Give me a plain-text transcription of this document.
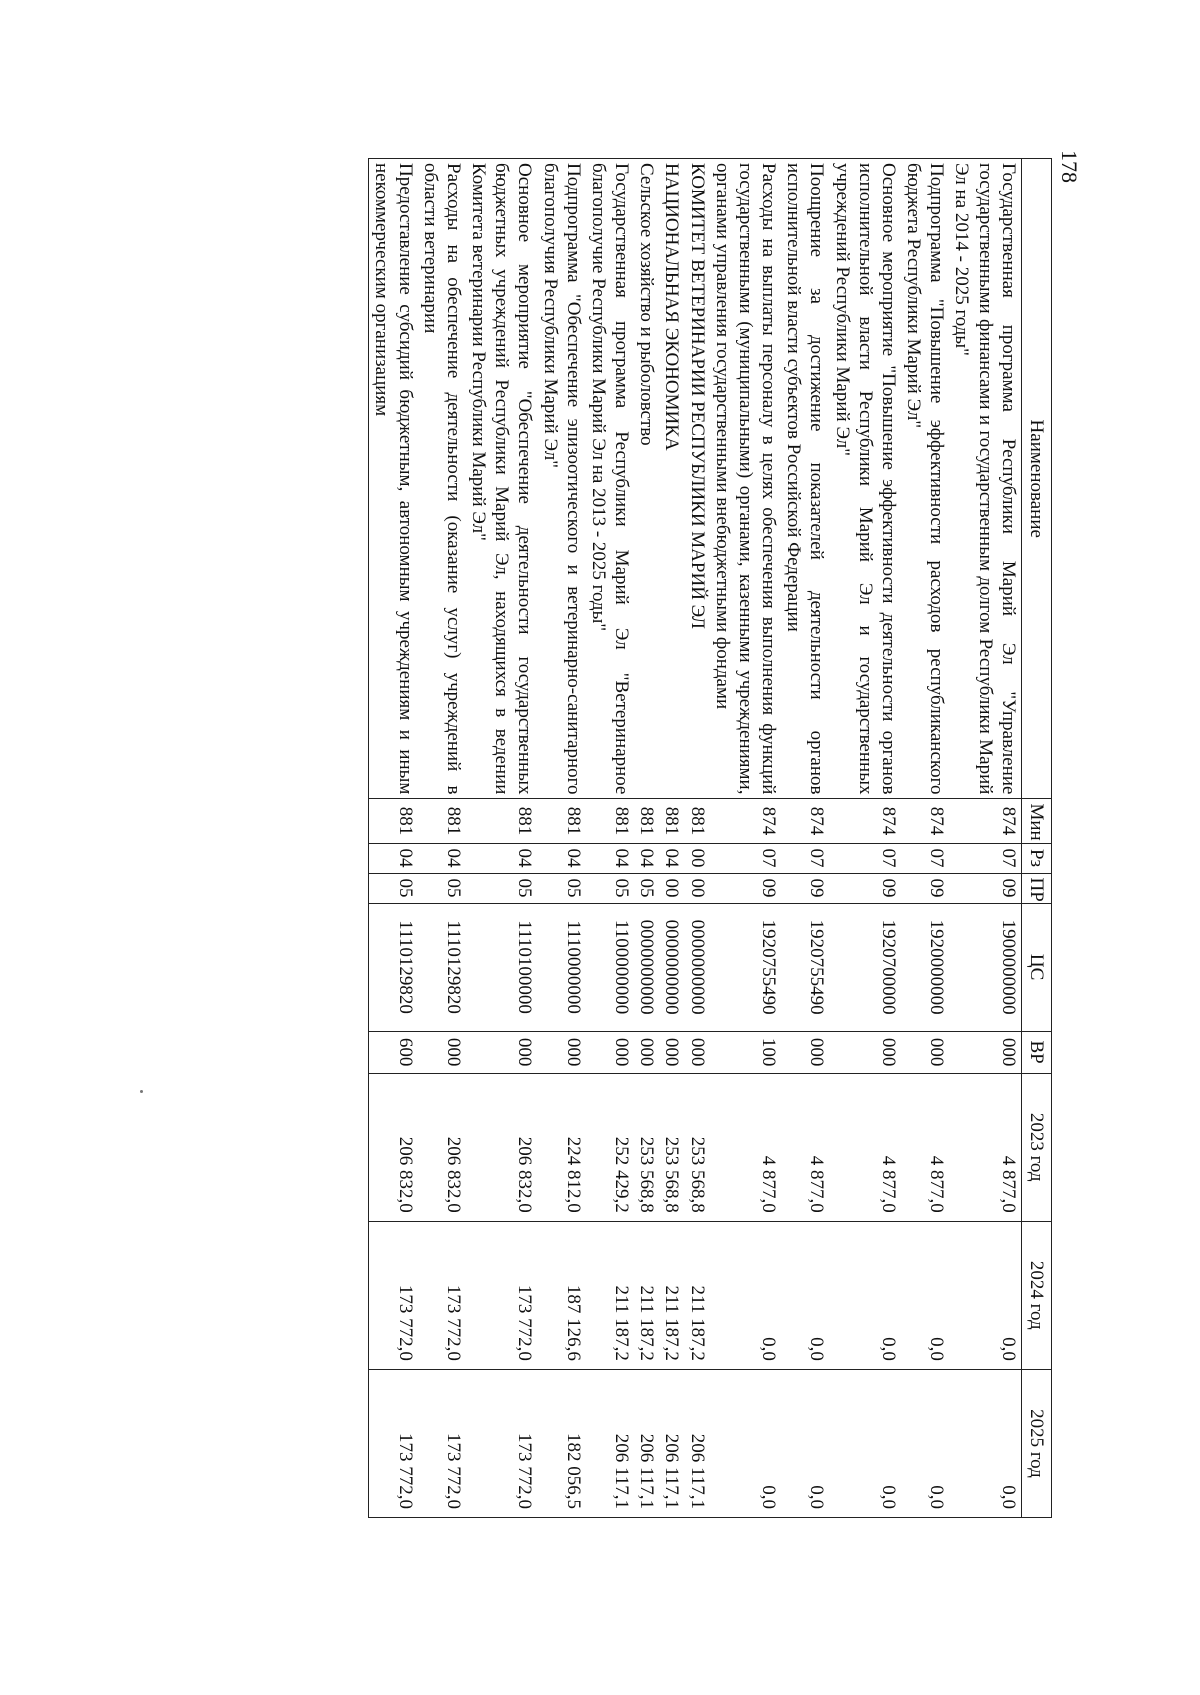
178
Наименование	Мин	Рз	ПР	ЦС	ВР	2023 год	2024 год	2025 год
Государственная программа Республики Марий Эл "Управление государственными финансами и государственным долгом Республики Марий Эл на 2014 - 2025 годы"	874	07	09	1900000000	000	4 877,0	0,0	0,0
Подпрограмма "Повышение эффективности расходов республиканского бюджета Республики Марий Эл"	874	07	09	1920000000	000	4 877,0	0,0	0,0
Основное мероприятие "Повышение эффективности деятельности органов исполнительной власти Республики Марий Эл и государственных учреждений Республики Марий Эл"	874	07	09	1920700000	000	4 877,0	0,0	0,0
Поощрение за достижение показателей деятельности органов исполнительной власти субъектов Российской Федерации	874	07	09	1920755490	000	4 877,0	0,0	0,0
Расходы на выплаты персоналу в целях обеспечения выполнения функций государственными (муниципальными) органами, казенными учреждениями, органами управления государственными внебюджетными фондами	874	07	09	1920755490	100	4 877,0	0,0	0,0
КОМИТЕТ ВЕТЕРИНАРИИ РЕСПУБЛИКИ МАРИЙ ЭЛ	881	00	00	0000000000	000	253 568,8	211 187,2	206 117,1
НАЦИОНАЛЬНАЯ ЭКОНОМИКА	881	04	00	0000000000	000	253 568,8	211 187,2	206 117,1
Сельское хозяйство и рыболовство	881	04	05	0000000000	000	253 568,8	211 187,2	206 117,1
Государственная программа Республики Марий Эл "Ветеринарное благополучие Республики Марий Эл на 2013 - 2025 годы"	881	04	05	1100000000	000	252 429,2	211 187,2	206 117,1
Подпрограмма "Обеспечение эпизоотического и ветеринарно-санитарного благополучия Республики Марий Эл"	881	04	05	1110000000	000	224 812,0	187 126,6	182 056,5
Основное мероприятие "Обеспечение деятельности государственных бюджетных учреждений Республики Марий Эл, находящихся в ведении Комитета ветеринарии Республики Марий Эл"	881	04	05	1110100000	000	206 832,0	173 772,0	173 772,0
Расходы на обеспечение деятельности (оказание услуг) учреждений в области ветеринарии	881	04	05	1110129820	000	206 832,0	173 772,0	173 772,0
Предоставление субсидий бюджетным, автономным учреждениям и иным некоммерческим организациям	881	04	05	1110129820	600	206 832,0	173 772,0	173 772,0
